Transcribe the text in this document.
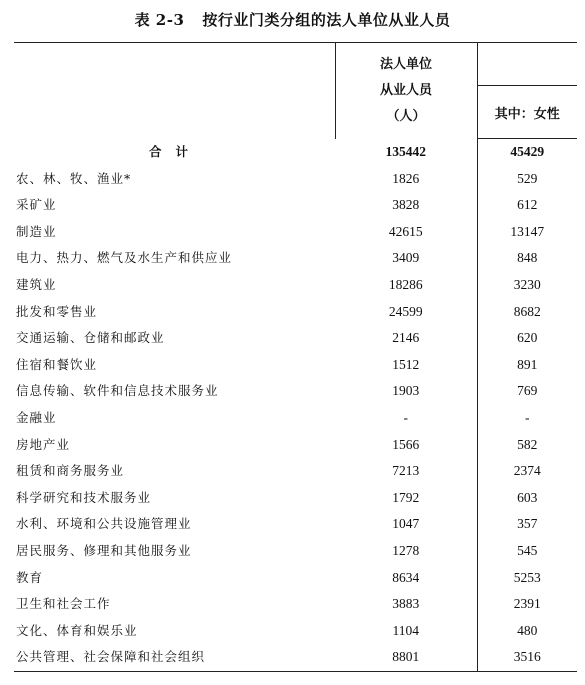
表 2-3 按行业门类分组的法人单位从业人员

	法人单位
从业人员
（人）	

		其中：女性
合计	135442	45429
农、林、牧、渔业*	1826	529
采矿业	3828	612
制造业	42615	13147
电力、热力、燃气及水生产和供应业	3409	848
建筑业	18286	3230
批发和零售业	24599	8682
交通运输、仓储和邮政业	2146	620
住宿和餐饮业	1512	891
信息传输、软件和信息技术服务业	1903	769
金融业	-	-
房地产业	1566	582
租赁和商务服务业	7213	2374
科学研究和技术服务业	1792	603
水利、环境和公共设施管理业	1047	357
居民服务、修理和其他服务业	1278	545
教育	8634	5253
卫生和社会工作	3883	2391
文化、体育和娱乐业	1104	480
公共管理、社会保障和社会组织	8801	3516
